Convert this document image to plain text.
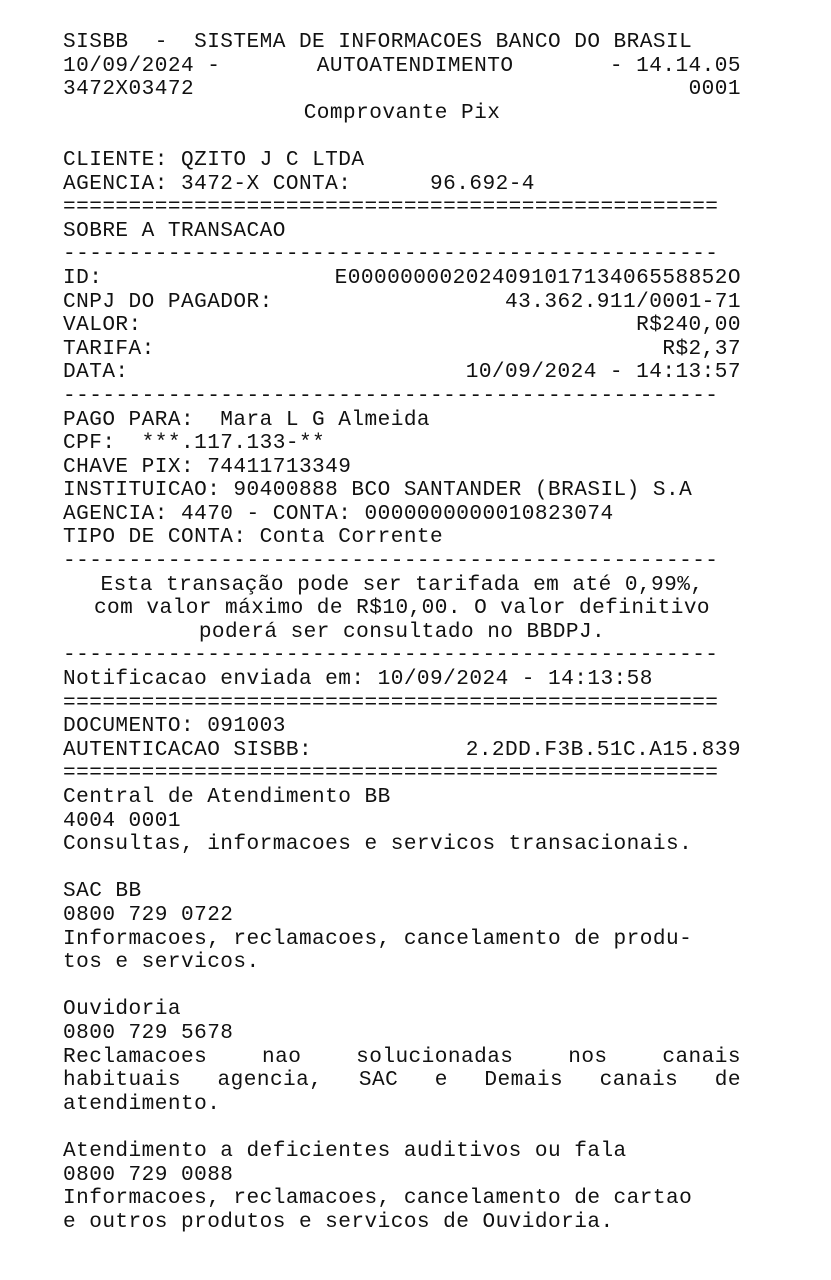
SISBB  -  SISTEMA DE INFORMACOES BANCO DO BRASIL
10/09/2024 -	AUTOATENDIMENTO	- 14.14.05
3472X03472	0001
Comprovante Pix
CLIENTE:
QZITO J C LTDA
AGENCIA: 3472-X CONTA:
	96.692-4
==================================================
SOBRE A TRANSACAO
--------------------------------------------------
ID:	E00000000202409101713406558852O
CNPJ DO PAGADOR:	43.362.911/0001-71
VALOR:	R$240,00
TARIFA:	R$2,37
DATA:	10/09/2024 - 14:13:57
--------------------------------------------------
PAGO PARA:  Mara L G Almeida
CPF:  ***.117.133-**
CHAVE PIX: 74411713349
INSTITUICAO: 90400888 BCO SANTANDER (BRASIL) S.A
AGENCIA: 4470 - CONTA: 0000000000010823074
TIPO DE CONTA: Conta Corrente
--------------------------------------------------
Esta transação pode ser tarifada em até 0,99%,
com valor máximo de R$10,00. O valor definitivo
poderá ser consultado no BBDPJ.
--------------------------------------------------
Notificacao enviada em: 10/09/2024 - 14:13:58
==================================================
DOCUMENTO: 091003
AUTENTICACAO SISBB:	2.2DD.F3B.51C.A15.839
==================================================
Central de Atendimento BB
4004 0001
Consultas, informacoes e servicos transacionais.
SAC BB
0800 729 0722
Informacoes, reclamacoes, cancelamento de produ-
tos e servicos.
Ouvidoria
0800 729 5678
Reclamacoes nao solucionadas nos canais
habituais agencia, SAC e Demais canais de
atendimento.
Atendimento a deficientes auditivos ou fala
0800 729 0088
Informacoes, reclamacoes, cancelamento de cartao
e outros produtos e servicos de Ouvidoria.
